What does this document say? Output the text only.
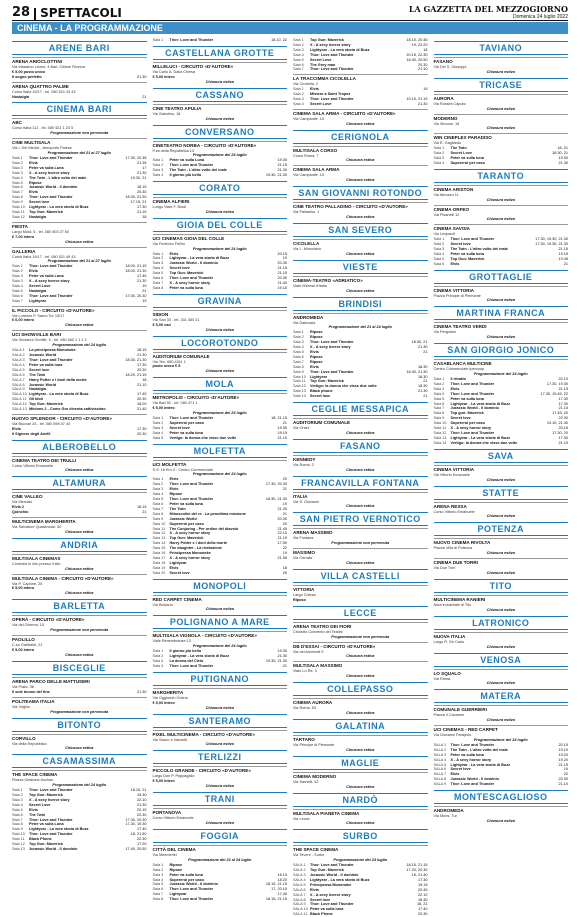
28 SPETTACOLI	LA GAZZETTA DEL MEZZOGIORNO
Domenica 24 luglio 2022
CINEMA - LA PROGRAMMAZIONE
ARENE BARI
ARENA ARIOCLOTTINI
Via Massimo Leone, 4 Bari. Chiese Ricerca
€ 5,00 posto unico
Il sogno perfetto	21.30
ARENA QUATTRO PALME
Corso Italia 19/17 - tel. 080 521 43 43
Nostalgia	21
CINEMA BARI
ABC
Corso Italia 112 - tel. 080 521 1 23 5
Programmazione non pervenuta
CINE MULTISALA
Via I. Dei Medici - Aeroporto Palese
Programmazione del 21 al 27 luglio
Sala 1	Thor: Love and Thunder	17.30, 20.35
Sala 2	Elvis	21.35
Sala 3	Peter va sulla Luna	17
Sala 3	X - A sexy horror story	21.30
Sala 4	The Twin - L'altro volto del male	19.30, 21
Sala 5	Ripose
Sala 6	Jurassic World - Il dominio	18.15
Sala 7	Elvis	20.30
Sala 8	Thor: Love and Thunder	18.30, 21.30
Sala 9	Secret love	17.15, 21
Sala 10	Lightyear - La vera storia di Buzz	17.30
Sala 11	Top Gun: Maverick	21.15
Sala 12	Nostalgia	18
FIESTA
Largo Mola, 5 - tel. 080 503 27 60
€ 7,00 intero
Chiusura estiva
GALLERIA
Corso Italia 15/17 - tel. 080 521 49 43
Programmazione del 21 al 27 luglio
Sala 1	Thor: Love and Thunder	18.00, 21.15
Sala 2	Elvis	18.00, 21.30
Sala 3	Peter va sulla Luna	17.45
Sala 3	X - A sexy horror story	21.30
Sala 4	Secret Love	19
Sala 5	Nostalgia	21
Sala 6	Thor: Love and Thunder	17.00, 20.30
Sala 7	Lightyear	19
IL PICCOLO - CIRCUITO «D'AUTORE»
Via Lorenzo P. Sarno Tor 15/17
€ 6,00 intero
Chiusura estiva
UCI SHOWVILLE BARI
Via Giovanni Gentile, 5 - tel. 080 960 1 1 1 1
Programmazione del 24 luglio
SALA 1	La principessa Mononoke	18.15
SALA 2	Jurassic World	21.30
SALA 3	Thor: Love and Thunder	18.30, 21.30
SALA 4	Peter va sulla luna	17.30
SALA 5	Secret love	20.30
SALA 6	The Twin	18.20, 21.15
SALA 7	Harry Potter e i doni della morte	18
SALA 8	Jurassic World	21.10
SALA 9	Nostalgia
SALA 10 Lightyear - La vera storia di Buzz	17.45
SALA 11 Gli Idoli	20.30
SALA 12 Top Gun: Maverick	18.00
SALA 13 Minions 2 - Come Gru diventa cattivissimo	21.40
NUOVO SPLENDOR - CIRCUITO «D'AUTORE»
Via Buccari 24 - tel. 080 598 47 44
Elvis	17.30
Il Signore degli Anelli	20.30
ALBEROBELLO
CINEMA TEATRO DEI TRULLI
Corso Vittorio Emanuele
Chiusura estiva
ALTAMURA
CINE VALLEO
Via Mercato
Elvis 2	18.15
Quinchio	21
MULTICINEMA MARGHERITA
Via Salvatore Quasimodo, 50
Chiusura estiva
ANDRIA
MULTISALA CINEMAS
Controlla le info presso il sito
Chiusura estiva
MULTISALA CINEMA - CIRCUITO «D'AUTORE»
Via P. Capone, 25
€ 5,00 intero
Chiusura estiva
BARLETTA
OPERA - CIRCUITO «D'AUTORE»
Via del Cinema, 15
Programmazione non pervenuta
PAOLILLO
C.so Garibaldi, 21
€ 5,00 intero
Chiusura estiva
BISCEGLIE
ARENA PARCO DELLE MATTUSERI
Via Prato, 36
Il sole buono del fine	21.30
POLITEAMA ITALIA
Via Virgilio
Programmazione non pervenuta
BITONTO
CORVILLO
Via della Repubblica
Chiusura estiva
CASAMASSIMA
THE SPACE CINEMA
Piazza Gestione Auchan
Programmazione del 24 luglio
Sala 1	Thor: Love and Thunder	18.15, 21
Sala 2	Top Gun: Maverick	19.30
Sala 3	X - A sexy horror story	22.10
Sala 4	Secret Love	21.30
Sala 5	Elvis	20.15
Sala 6	The Twin	22.30
Sala 7	Thor: Love and Thunder	17.30, 20.30
Sala 8	Peter va sulla Luna	17.30, 19.30
Sala 9	Lightyear - La vera storia di Buzz	17.40
Sala 10	Thor: Love and Thunder	18, 21.50
Sala 11	Black Phone	22.30
Sala 12	Top Gun: Maverick	17.20
Sala 13	Jurassic World - Il dominio	17.40, 20.50
Sala 1	Thor: Love and Thunder	18.10, 22
CASTELLANA GROTTE
MILLELUCI - CIRCUITO «D'AUTORE»
Via Carlo A. Dalla Chiesa
€ 5,00 intero
Chiusura estiva
CASSANO
CINE TEATRO APULIA
Via Sabotino, 18
Chiusura estiva
CONVERSANO
CINETEATRO NORBA - CIRCUITO «D'AUTORE»
P.za della Repubblica 13
Programmazione del 24 luglio
Sala 1	Peter va sulla Luna	19.30
Sala 2	Thor: Love and Thunder	21.15
Sala 3	The Twin - L'altro volto del male	21.30
Sala 4	Il giorno più bello	19.30, 21.30
CORATO
CINEMA ALFIERI
Lungo Viale F. Biodi
Chiusura estiva
GIOIA DEL COLLE
UCI CINEMAS GIOIA DEL COLLE
Via Federico Fellini
Programmazione del 24 luglio
Sala 1	Elvis	20.15
Sala 2	Lightyear - La vera storia di Buzz	19
Sala 3	Jurassic World - Il dominio	20.30
Sala 4	Secret love	21.15
Sala 5	Top Gun: Maverick	21.15
Sala 6	Thor: Love and Thunder	20.30
Sala 7	X - A sexy horror story	21.40
Sala 8	Peter va sulla luna	19.15
GRAVINA
SIDION
Via San 33 - tel. 331 380 21
€ 5,00 cad
Chiusura estiva
LOCOROTONDO
AUDITORIUM COMUNALE
Via Ten. 080 4311 1
posto unico € 5
Chiusura estiva
MOLA
METROPOLIS - CIRCUITO «D'AUTORE»
Via Bari 52 - tel. 080 471 1
€ 5,00 intero
Programmazione del 24 luglio
Sala 1	Thor: Love and Thunder	18, 21.15
Sala 2	Supereroi per caso	21
Sala 3	Secret love	19.30
Sala 4	Peter va sulla luna	19.15
Sala 5	Vertigo: la donna che visse due volte	21.15
MOLFETTA
UCI MOLFETTA
S.S. 16 Km 4 - Centro Commerciale
Programmazione del 24 luglio
Sala 1	Elvis	20
Sala 2	Thor: Love and Thunder	17.30, 20.30
Sala 3	Elvis	21
Sala 4	Ripose
Sala 5	Thor: Love and Thunder	18.30, 21.30
Sala 6	Peter va sulla luna	19
Sala 7	The Twin	21.30
Sala 8	Minuscolini del re - La penultima missione	21
Sala 9	Jurassic World	20.30
Sala 10	Supereroi per caso	20
Sala 11	The Conjuring - Per ordine del diavolo	21.45
Sala 12	X - A sexy horror story	22.10
Sala 13	Top Gun: Maverick	21.15
Sala 14	Harry Potter e i doni della morte	17.50
Sala 15	The daughter - La rivelazione	22
Sala 16	Principessa Mononoke	19
Sala 17	X - A sexy horror story	21.55
Sala 18	Lightyear
Sala 19	Elvis	18
Sala 20	Secret love	20
MONOPOLI
RED CARPET CINEMA
Via Bolzano
Chiusura estiva
POLIGNANO A MARE
MULTISALA VIGNOLA - CIRCUITO «D'AUTORE»
Viale Rimembranze 13
Programmazione del 24 luglio
Sala 1	Il giorno più bello	19.30
Sala 2	Lightyear - La vera storia di Buzz	21.30
Sala 3	La donna del Cielo	19.30, 21.30
Sala 4	Thor: Love and Thunder	21
PUTIGNANO
MARGHERITA
Via Oggiondo Orsina
€ 5,00 intero
Chiusura estiva
SANTERAMO
PIXEL MULTICINEMA - CIRCUITO «D'AUTORE»
Via Sacco e Vanzetti
Chiusura estiva
TERLIZZI
PICCOLO GRANDE - CIRCUITO «D'AUTORE»
Largo Don P. Pappagallo
€ 5,00 intero
Chiusura estiva
TRANI
PORTANOVA
Corso Vittorio Emanuele
Chiusura estiva
FOGGIA
CITTÀ DEL CINEMA
Via Mnemerlei
Programmazione del 21 al 24 luglio
Sala 1	Ripose
Sala 2	Ripose
Sala 3	Peter va sulla luna	16.15
Sala 4	Supereroi per caso	18.20
Sala 5	Jurassic World - Il dominio	18.15, 21.15
Sala 6	Thor: Love and Thunder	17, 20.15
Sala 7	Lightyear	17.40
Sala 8	Thor: Love and Thunder	18.15, 21.15
Sala 1	Top Gun: Maverick	18.15, 20.45
Sala 2	X - A sexy horror story	19, 22.20
Sala 3	Lightyear - La vera storia di Buzz	18
Sala 4	Thor: Love and Thunder	20.15, 22.30
Sala 5	Secret Love	18.30, 20.50
Sala 6	The Grey man	20.30
Sala 7	Thor: Love and Thunder	21.10
LA TRACCIMMA CICOLELLA
Via Cicolella, 2
Sala 1	Elvis	19
Sala 2	Mistero a Saint Tropez
Sala 3	Thor: Love and Thunder	19.15, 21.15
Sala 4	Secret Love	21.30
CINEMA SALA ARMA - CIRCUITO «D'AUTORE»
Via Campanile, 19
Chiusura estiva
CERIGNOLA
MULTISALA CORSO
Corso Roma, 7
Chiusura estiva
CINEMA SALA ARMA
Via Campanile, 19
Chiusura estiva
SAN GIOVANNI ROTONDO
CINE TEATRO PALLADINO - CIRCUITO «D'AUTORE»
Via Palladino, 1
Chiusura estiva
SAN SEVERO
CICOLELLA
Via L. Minuziano
Chiusura estiva
VIESTE
CINEMA-TEATRO «ADRIATICO»
Viale Marinai d'Italia
Chiusura estiva
BRINDISI
ANDROMEDA
Via Dalmazia
Programmazione del 21 al 24 luglio
Sala 1	Ripose
Sala 2	Ripose
Sala 3	Thor: Love and Thunder	18.30, 21
Sala 4	X - A sexy horror story	21.30
Sala 5	Elvis	21
Sala 6	Ripose
Sala 7	Ripose
Sala 8	Elvis	18.30
Sala 9	Thor: Love and Thunder	18.30, 21.30
Sala 10	Lightyear	18.30
Sala 11	Top Gun: Maverick	21
Sala 12	Vertigo: la donna che visse due volte	18.30
Sala 13	Black phone	21.30
Sala 14	Secret love	21
CEGLIE MESSAPICA
AUDITORIUM COMUNALE
Via Orsini
Chiusura estiva
FASANO
KENNEDY
Via Roma, 2
Chiusura estiva
FRANCAVILLA FONTANA
ITALIA
Via S. Giovanni
Chiusura estiva
SAN PIETRO VERNOTICO
ARENA MASSIMO
Via Fontana
Programmazione non pervenuta
MASSIMO
Via Carrafa
Chiusura estiva
VILLA CASTELLI
VITTORIA
Largo Chiesa
Riposo
LECCE
ARENA TEATRO DEI FIORI
Chiostro Convento dei Teatini
Programmazione non pervenuta
DB D'ESSAI - CIRCUITO «D'AUTORE»
Via dei Ammirati 9
Chiusura estiva
MULTISALA MASSIMO
Viale Lo Re, 3
Chiusura estiva
COLLEPASSO
CINEMA AURORA
Via Roma, 53
Chiusura estiva
GALATINA
TARTARO
Via Principe di Piemonte
Chiusura estiva
MAGLIE
CINEMA MODERNO
Via Sarnelli, 42
Chiusura estiva
NARDÒ
MULTISALA PIANETA CINEMA
Via Lecce
Chiusura estiva
SURBO
THE SPACE CINEMA
Via Tevere - Surbo
Programmazione del 24 luglio
SALA 1	Thor: Love and Thunder	18.15, 21.15
SALA 2	Top Gun: Maverick	17.20, 20.30
SALA 3	Jurassic World - Il dominio	18, 21.30
SALA 4	Lightyear - La vera storia di Buzz	17.30
SALA 5	Principessa Mononoke	19.15
SALA 6	Elvis	20.45
SALA 7	X - A sexy horror story	22.10
SALA 8	Secret love	18.30
SALA 9	Thor: Love and Thunder	18, 21
SALA 10 Peter va sulla luna	17.40
SALA 11 Black Phone	20.30
TAVIANO
FASANO
Via Dei S. Giuseppi
Chiusura estiva
TRICASE
AURORA
Via Rossini Caputo
Chiusura estiva
MODERNO
Via Simone, 18
Chiusura estiva
WIN CINEPLEX PARADISO
Via E. Gagliardo
Sala 1	The Twin	18, 21
Sala 2	Secret Love	18.30, 21
Sala 3	Peter va sulla luna	19.30
Sala 4	Supereroi per caso	21.30
TARANTO
CINEMA ARISTON
Via Abruzzo 11
Chiusura estiva
CINEMA ORFEO
Via Pisanelli 12
Chiusura estiva
CINEMA SAVOIA
Via Leopardi
Sala 1	Thor: Love and Thunder	17.30, 19.30, 21.30
Sala 2	Secret love	17.30, 19.30, 21.30
Sala 3	The Twin - L'altro volto del male	21.15
Sala 4	Peter va sulla luna	19.15
Sala 5	Top Gun: Maverick	19.45
Sala 6	Elvis	21
GROTTAGLIE
CINEMA VITTORIA
Piazza Principe di Piemonte
Chiusura estiva
MARTINA FRANCA
CINEMA TEATRO VERDI
Via Pergolesi
Chiusura estiva
SAN GIORGIO JONICO
CASABLANCA MULTICINE
Centro Commerciale Ipercoop
Programmazione del 24 luglio
Sala 1	Il ritratto	20.10
Sala 2	Thor: Love and Thunder	17.30, 19.30
Sala 3	Elvis	21.15
Sala 4	Thor: Love and Thunder	17.30, 19.45, 22
Sala 5	Peter va sulla luna	17.30
Sala 6	Lightyear - La vera storia di Buzz	17.30
Sala 7	Jurassic World - Il dominio	21.15
Sala 8	Top gun: Maverick	17.45, 20
Sala 9	Secret love	22.30
Sala 10	Supereroi per caso	19.10, 21.30
Sala 11	X - A sexy horror story	20.15
Sala 12	Thor: Love and Thunder	17.30, 20
Sala 13	Lightyear - La vera storia di Buzz	17.30
Sala 14	Vertigo: la donna che visse due volte	21.15
SAVA
CINEMA VITTORIA
Via Vittorio Emanuele
Chiusura estiva
STATTE
ARENA RESSA
Corso Vittorio Emanuele
Chiusura estiva
POTENZA
NUOVO CINEMA RIVOLTA
Piazza Villa di Potenza
Chiusura estiva
CINEMA DUE TORRI
Via Due Torri
Chiusura estiva
TITO
MULTICINEMA RANIERI
Area industriale di Tito
Chiusura estiva
LATRONICO
NUOVA ITALIA
Largo R. De Carlo
Chiusura estiva
VENOSA
LO SQUALO
Via Roma
Chiusura estiva
MATERA
COMUNALE GUERRIERI
Piazza Il Cavatore
Chiusura estiva
UCI CINEMAS - RED CARPET
Via Giovanni Parapolo
Programmazione del 24 luglio
SALA 1	Thor: Love and Thunder	20.15
SALA 2	The Twin - L'altro volto del male	19.10
SALA 3	Peter va sulla luna	19.20
SALA 4	X - A sexy horror story	19.20
SALA 5	Lightyear - La vera storia di Buzz	21.15
SALA 6	Secret love	19
SALA 7	Elvis	22
SALA 8	Jurassic World - Il dominio	20.30
SALA 9	Thor: Love and Thunder	21.10
MONTESCAGLIOSO
ANDROMEDA
Via Mons. Tur
Chiusura estiva
